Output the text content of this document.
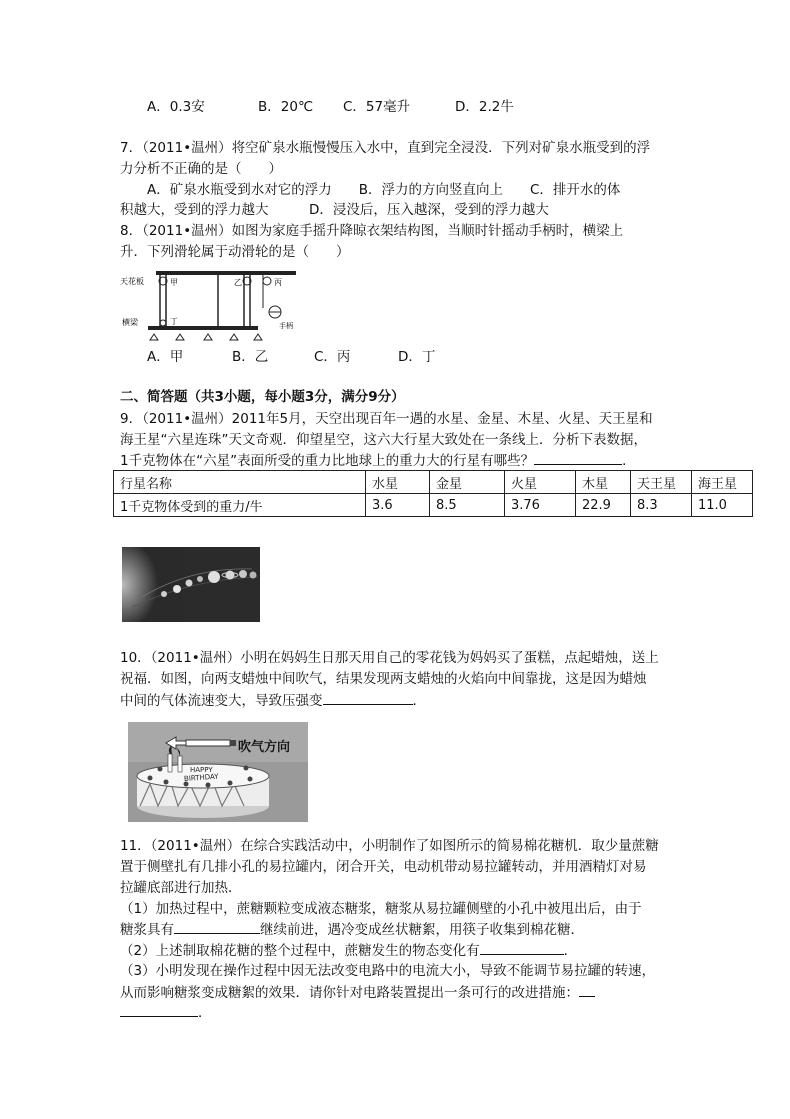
A．0.3安	B．20℃ C．57毫升	D．2.2牛
7．（2011•温州）将空矿泉水瓶慢慢压入水中，直到完全浸没．下列对矿泉水瓶受到的浮
力分析不正确的是（　　）
A．矿泉水瓶受到水对它的浮力　　B．浮力的方向竖直向上　　C．排开水的体
积越大，受到的浮力越大　　　D．浸没后，压入越深，受到的浮力越大
8．（2011•温州）如图为家庭手摇升降晾衣架结构图，当顺时针摇动手柄时，横梁上
升．下列滑轮属于动滑轮的是（　　）
天花板	甲	乙	丙
手柄
横梁	丁
A．甲	B．乙	C．丙	D．丁
二、简答题（共3小题，每小题3分，满分9分）
9．（2011•温州）2011年5月，天空出现百年一遇的水星、金星、木星、火星、天王星和
海王星“六星连珠”天文奇观．仰望星空，这六大行星大致处在一条线上．分析下表数据，
1千克物体在“六星”表面所受的重力比地球上的重力大的行星有哪些？	．
行星名称	水星	金星	火星	木星	天王星	海王星
1千克物体受到的重力/牛	3.6	8.5	3.76	22.9	8.3	11.0
10．（2011•温州）小明在妈妈生日那天用自己的零花钱为妈妈买了蛋糕，点起蜡烛，送上
祝福．如图，向两支蜡烛中间吹气，结果发现两支蜡烛的火焰向中间靠拢，这是因为蜡烛
中间的气体流速变大，导致压强变	．
HAPPY
BIRTHDAY
吹气方向
11．（2011•温州）在综合实践活动中，小明制作了如图所示的简易棉花糖机．取少量蔗糖
置于侧壁扎有几排小孔的易拉罐内，闭合开关，电动机带动易拉罐转动，并用酒精灯对易
拉罐底部进行加热．
（1）加热过程中，蔗糖颗粒变成液态糖浆，糖浆从易拉罐侧壁的小孔中被甩出后，由于
糖浆具有	继续前进，遇冷变成丝状糖絮，用筷子收集到棉花糖．
（2）上述制取棉花糖的整个过程中，蔗糖发生的物态变化有	．
（3）小明发现在操作过程中因无法改变电路中的电流大小，导致不能调节易拉罐的转速，
从而影响糖浆变成糖絮的效果．请你针对电路装置提出一条可行的改进措施：
．
